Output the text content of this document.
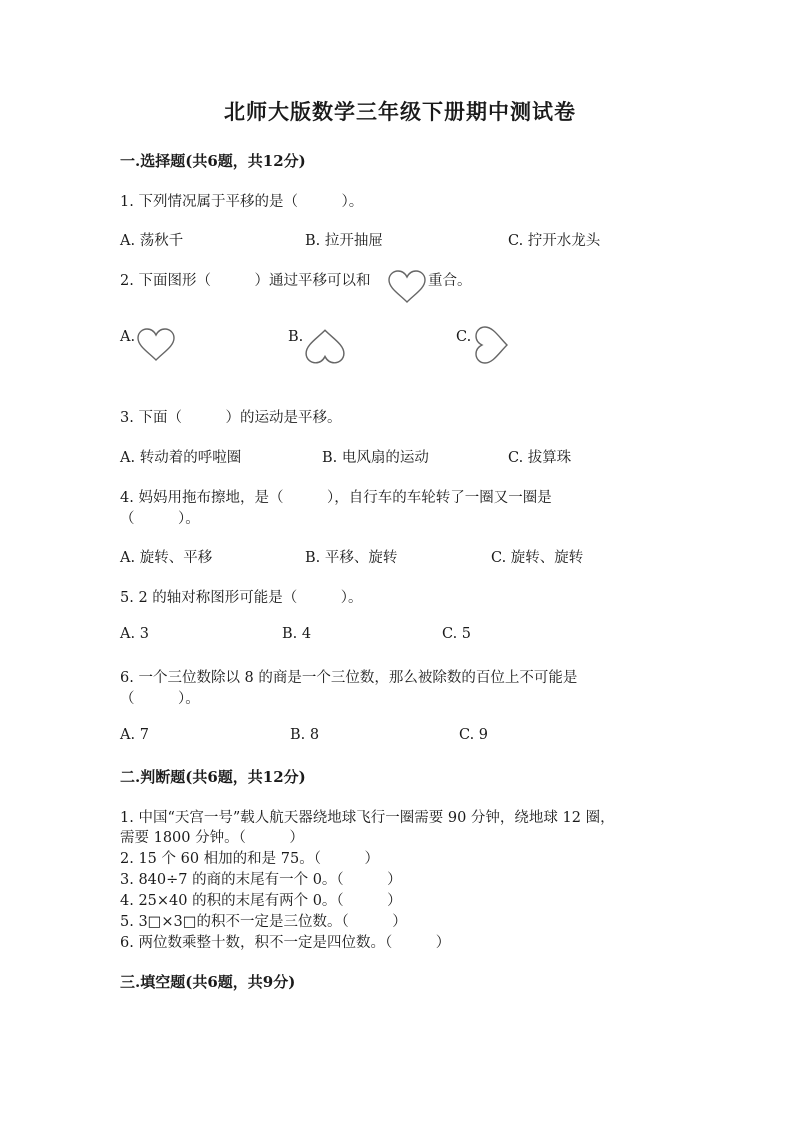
北师大版数学三年级下册期中测试卷
一.选择题(共6题，共12分)
1. 下列情况属于平移的是（　　　）。
A. 荡秋千	B. 拉开抽屉	C. 拧开水龙头
2. 下面图形（　　　）通过平移可以和	重合。
A.	B.	C.
3. 下面（　　　）的运动是平移。
A. 转动着的呼啦圈	B. 电风扇的运动	C. 拔算珠
4. 妈妈用拖布擦地，是（　　　），自行车的车轮转了一圈又一圈是
（　　　）。
A. 旋转、平移	B. 平移、旋转	C. 旋转、旋转
5. 2 的轴对称图形可能是（　　　）。
A. 3	B. 4	C. 5
6. 一个三位数除以 8 的商是一个三位数，那么被除数的百位上不可能是
（　　　）。
A. 7	B. 8	C. 9
二.判断题(共6题，共12分)
1. 中国“天宫一号”载人航天器绕地球飞行一圈需要 90 分钟，绕地球 12 圈，
需要 1800 分钟。（　　　）
2. 15 个 60 相加的和是 75。（　　　）
3. 840÷7 的商的末尾有一个 0。（　　　）
4. 25×40 的积的末尾有两个 0。（　　　）
5. 3□×3□的积不一定是三位数。（　　　）
6. 两位数乘整十数，积不一定是四位数。（　　　）
三.填空题(共6题，共9分)
